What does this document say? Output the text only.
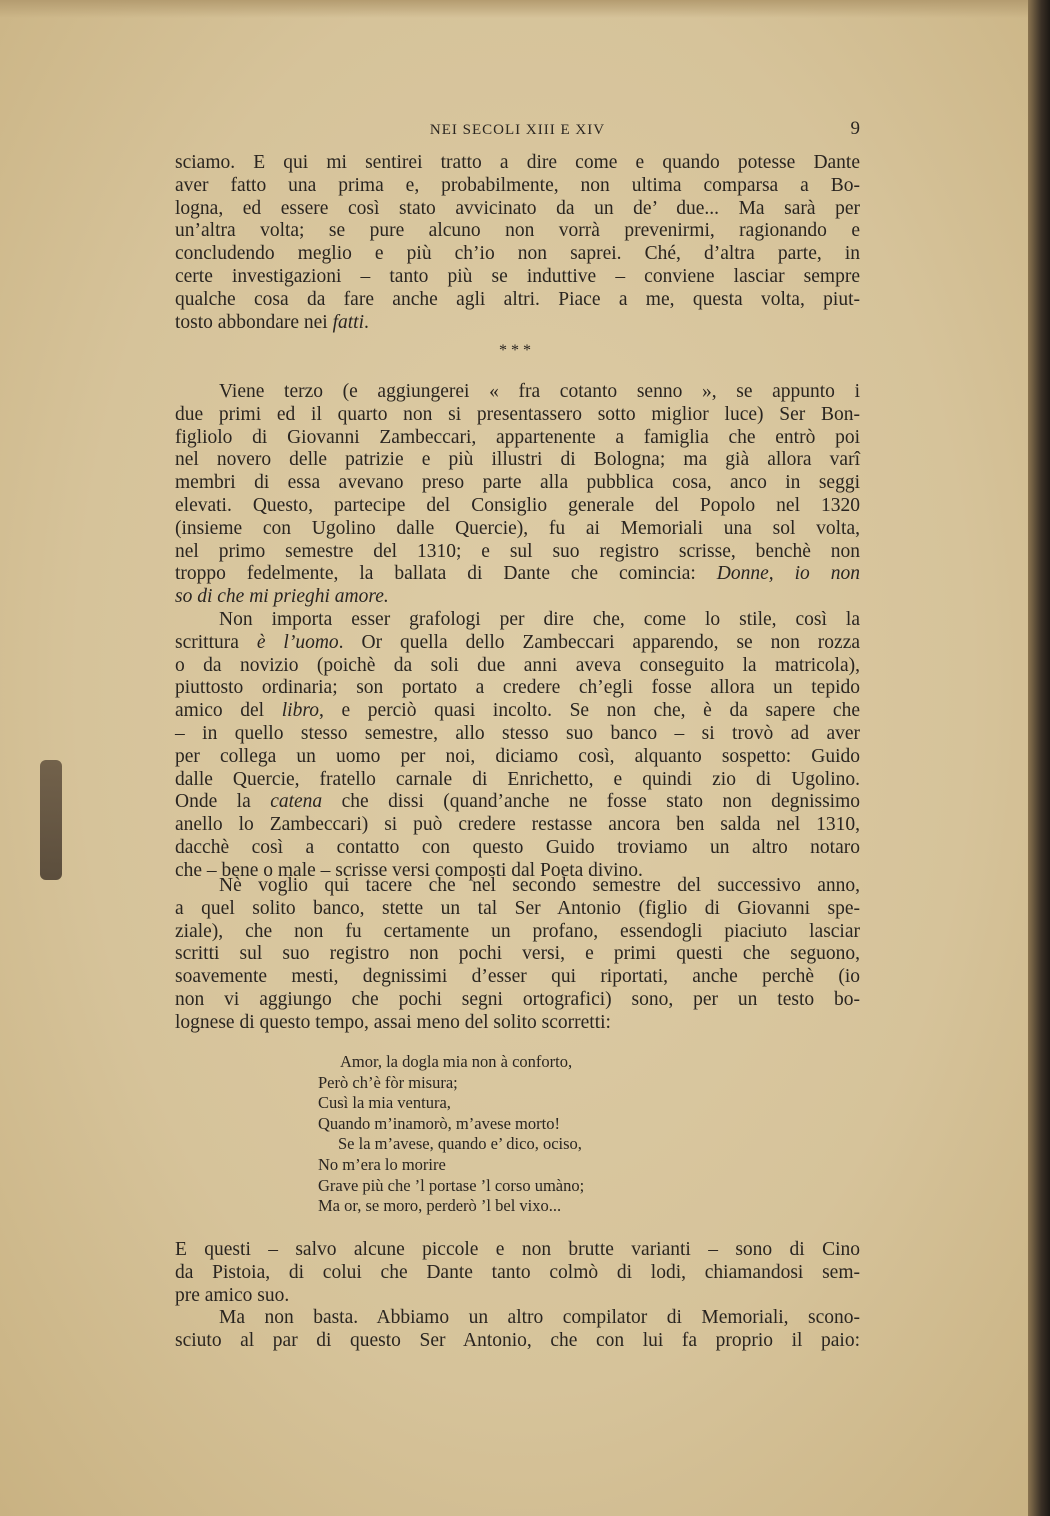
NEI SECOLI XIII E XIV	9
sciamo. E qui mi sentirei tratto a dire come e quando potesse Dante
aver fatto una prima e, probabilmente, non ultima comparsa a Bo-
logna, ed essere così stato avvicinato da un de’ due... Ma sarà per
un’altra volta; se pure alcuno non vorrà prevenirmi, ragionando e
concludendo meglio e più ch’io non saprei. Ché, d’altra parte, in
certe investigazioni – tanto più se induttive – conviene lasciar sempre
qualche cosa da fare anche agli altri. Piace a me, questa volta, piut-
tosto abbondare nei fatti.
* * *
Viene terzo (e aggiungerei « fra cotanto senno », se appunto i
due primi ed il quarto non si presentassero sotto miglior luce) Ser Bon-
figliolo di Giovanni Zambeccari, appartenente a famiglia che entrò poi
nel novero delle patrizie e più illustri di Bologna; ma già allora varî
membri di essa avevano preso parte alla pubblica cosa, anco in seggi
elevati. Questo, partecipe del Consiglio generale del Popolo nel 1320
(insieme con Ugolino dalle Quercie), fu ai Memoriali una sol volta,
nel primo semestre del 1310; e sul suo registro scrisse, benchè non
troppo fedelmente, la ballata di Dante che comincia: Donne, io non
so di che mi prieghi amore.
Non importa esser grafologi per dire che, come lo stile, così la
scrittura è l’uomo. Or quella dello Zambeccari apparendo, se non rozza
o da novizio (poichè da soli due anni aveva conseguito la matricola),
piuttosto ordinaria; son portato a credere ch’egli fosse allora un tepido
amico del libro, e perciò quasi incolto. Se non che, è da sapere che
– in quello stesso semestre, allo stesso suo banco – si trovò ad aver
per collega un uomo per noi, diciamo così, alquanto sospetto: Guido
dalle Quercie, fratello carnale di Enrichetto, e quindi zio di Ugolino.
Onde la catena che dissi (quand’anche ne fosse stato non degnissimo
anello lo Zambeccari) si può credere restasse ancora ben salda nel 1310,
dacchè così a contatto con questo Guido troviamo un altro notaro
che – bene o male – scrisse versi composti dal Poeta divino.
Nè voglio qui tacere che nel secondo semestre del successivo anno,
a quel solito banco, stette un tal Ser Antonio (figlio di Giovanni spe-
ziale), che non fu certamente un profano, essendogli piaciuto lasciar
scritti sul suo registro non pochi versi, e primi questi che seguono,
soavemente mesti, degnissimi d’esser qui riportati, anche perchè (io
non vi aggiungo che pochi segni ortografici) sono, per un testo bo-
lognese di questo tempo, assai meno del solito scorretti:
Amor, la dogla mia non à conforto,
Però ch’è fòr misura;
Cusì la mia ventura,
Quando m’inamorò, m’avese morto!
Se la m’avese, quando e’ dico, ociso,
No m’era lo morire
Grave più che ’l portase ’l corso umàno;
Ma or, se moro, perderò ’l bel vixo...
E questi – salvo alcune piccole e non brutte varianti – sono di Cino
da Pistoia, di colui che Dante tanto colmò di lodi, chiamandosi sem-
pre amico suo.
Ma non basta. Abbiamo un altro compilator di Memoriali, scono-
sciuto al par di questo Ser Antonio, che con lui fa proprio il paio:
